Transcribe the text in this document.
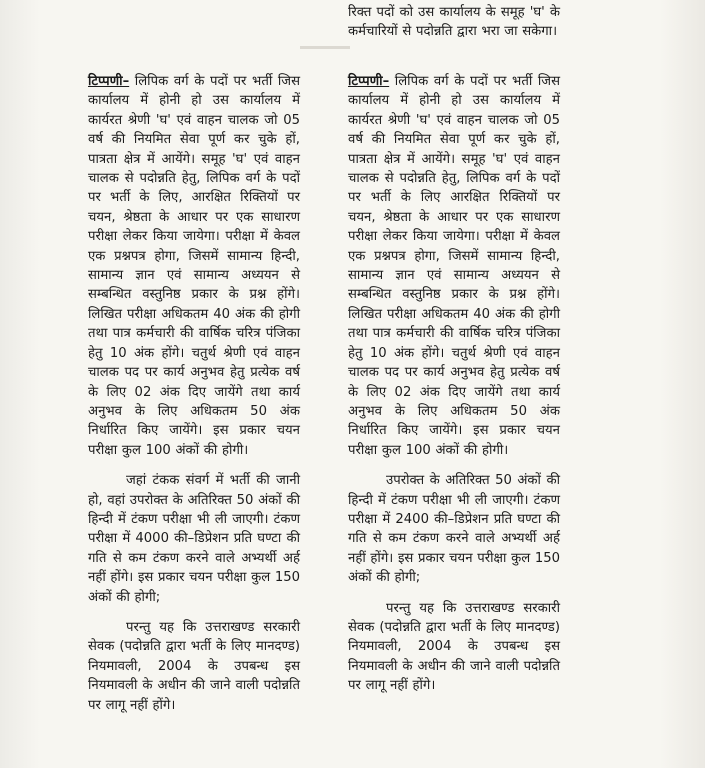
रिक्त पदों को उस कार्यालय के समूह 'घ' के कर्मचारियों से पदोन्नति द्वारा भरा जा सकेगा।

टिप्पणी– लिपिक वर्ग के पदों पर भर्ती जिस कार्यालय में होनी हो उस कार्यालय में कार्यरत श्रेणी 'घ' एवं वाहन चालक जो 05 वर्ष की नियमित सेवा पूर्ण कर चुके हों, पात्रता क्षेत्र में आयेंगे। समूह 'घ' एवं वाहन चालक से पदोन्नति हेतु, लिपिक वर्ग के पदों पर भर्ती के लिए, आरक्षित रिक्तियों पर चयन, श्रेष्ठता के आधार पर एक साधारण परीक्षा लेकर किया जायेगा। परीक्षा में केवल एक प्रश्नपत्र होगा, जिसमें सामान्य हिन्दी, सामान्य ज्ञान एवं सामान्य अध्ययन से सम्बन्धित वस्तुनिष्ठ प्रकार के प्रश्न होंगे। लिखित परीक्षा अधिकतम 40 अंक की होगी तथा पात्र कर्मचारी की वार्षिक चरित्र पंजिका हेतु 10 अंक होंगे। चतुर्थ श्रेणी एवं वाहन चालक पद पर कार्य अनुभव हेतु प्रत्येक वर्ष के लिए 02 अंक दिए जायेंगे तथा कार्य अनुभव के लिए अधिकतम 50 अंक निर्धारित किए जायेंगे। इस प्रकार चयन परीक्षा कुल 100 अंकों की होगी।

जहां टंकक संवर्ग में भर्ती की जानी हो, वहां उपरोक्त के अतिरिक्त 50 अंकों की हिन्दी में टंकण परीक्षा भी ली जाएगी। टंकण परीक्षा में 4000 की–डिप्रेशन प्रति घण्टा की गति से कम टंकण करने वाले अभ्यर्थी अर्ह नहीं होंगे। इस प्रकार चयन परीक्षा कुल 150 अंकों की होगी;

परन्तु यह कि उत्तराखण्ड सरकारी सेवक (पदोन्नति द्वारा भर्ती के लिए मानदण्ड) नियमावली, 2004 के उपबन्ध इस नियमावली के अधीन की जाने वाली पदोन्नति पर लागू नहीं होंगे।

टिप्पणी– लिपिक वर्ग के पदों पर भर्ती जिस कार्यालय में होनी हो उस कार्यालय में कार्यरत श्रेणी 'घ' एवं वाहन चालक जो 05 वर्ष की नियमित सेवा पूर्ण कर चुके हों, पात्रता क्षेत्र में आयेंगे। समूह 'घ' एवं वाहन चालक से पदोन्नति हेतु, लिपिक वर्ग के पदों पर भर्ती के लिए आरक्षित रिक्तियों पर चयन, श्रेष्ठता के आधार पर एक साधारण परीक्षा लेकर किया जायेगा। परीक्षा में केवल एक प्रश्नपत्र होगा, जिसमें सामान्य हिन्दी, सामान्य ज्ञान एवं सामान्य अध्ययन से सम्बन्धित वस्तुनिष्ठ प्रकार के प्रश्न होंगे। लिखित परीक्षा अधिकतम 40 अंक की होगी तथा पात्र कर्मचारी की वार्षिक चरित्र पंजिका हेतु 10 अंक होंगे। चतुर्थ श्रेणी एवं वाहन चालक पद पर कार्य अनुभव हेतु प्रत्येक वर्ष के लिए 02 अंक दिए जायेंगे तथा कार्य अनुभव के लिए अधिकतम 50 अंक निर्धारित किए जायेंगे। इस प्रकार चयन परीक्षा कुल 100 अंकों की होगी।

उपरोक्त के अतिरिक्त 50 अंकों की हिन्दी में टंकण परीक्षा भी ली जाएगी। टंकण परीक्षा में 2400 की–डिप्रेशन प्रति घण्टा की गति से कम टंकण करने वाले अभ्यर्थी अर्ह नहीं होंगे। इस प्रकार चयन परीक्षा कुल 150 अंकों की होगी;

परन्तु यह कि उत्तराखण्ड सरकारी सेवक (पदोन्नति द्वारा भर्ती के लिए मानदण्ड) नियमावली, 2004 के उपबन्ध इस नियमावली के अधीन की जाने वाली पदोन्नति पर लागू नहीं होंगे।
